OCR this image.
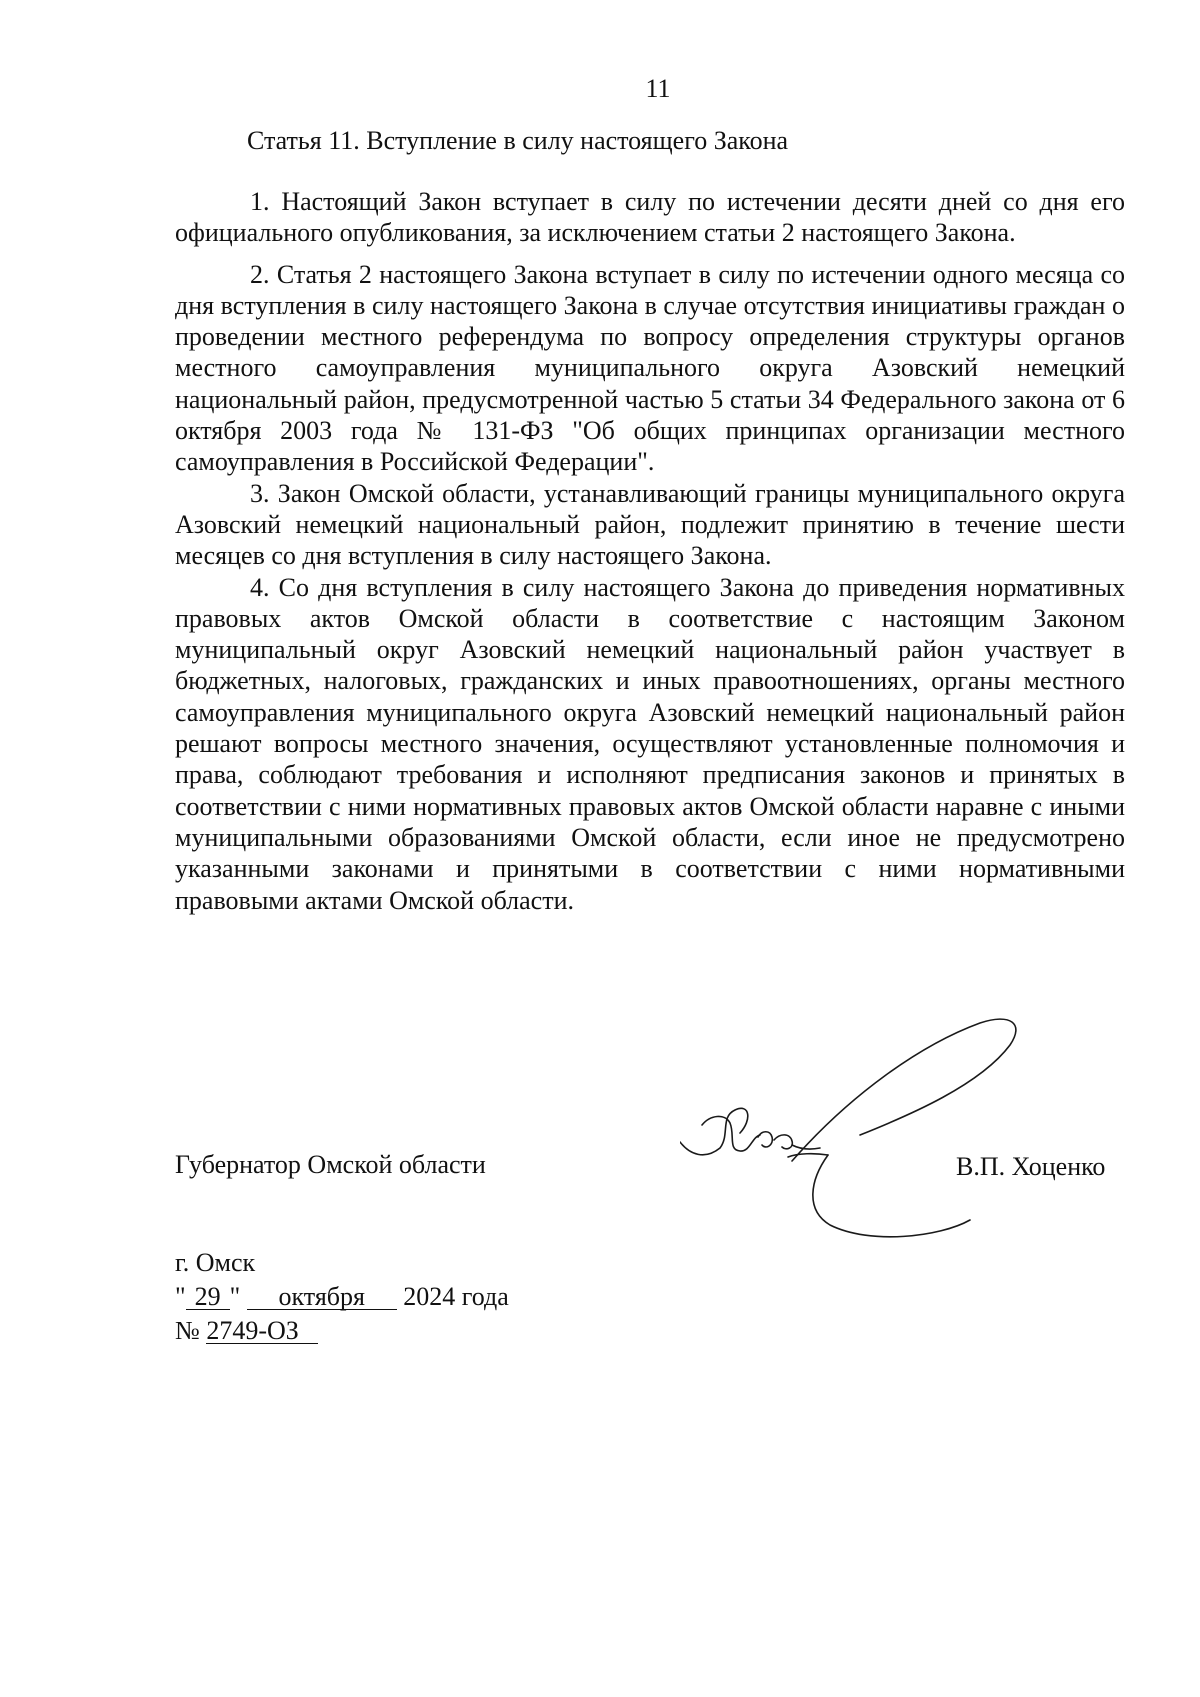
11
Статья 11. Вступление в силу настоящего Закона

1. Настоящий Закон вступает в силу по истечении десяти дней со дня его официального опубликования, за исключением статьи 2 настоящего Закона.

2. Статья 2 настоящего Закона вступает в силу по истечении одного месяца со дня вступления в силу настоящего Закона в случае отсутствия инициативы граждан о проведении местного референдума по вопросу определения структуры органов местного самоуправления муниципального округа Азовский немецкий национальный район, предусмотренной частью 5 статьи 34 Федерального закона от 6 октября 2003 года № 131-ФЗ "Об общих принципах организации местного самоуправления в Российской Федерации".

3. Закон Омской области, устанавливающий границы муниципального округа Азовский немецкий национальный район, подлежит принятию в течение шести месяцев со дня вступления в силу настоящего Закона.

4. Со дня вступления в силу настоящего Закона до приведения нормативных правовых актов Омской области в соответствие с настоящим Законом муниципальный округ Азовский немецкий национальный район участвует в бюджетных, налоговых, гражданских и иных правоотношениях, органы местного самоуправления муниципального округа Азовский немецкий национальный район решают вопросы местного значения, осуществляют установленные полномочия и права, соблюдают требования и исполняют предписания законов и принятых в соответствии с ними нормативных правовых актов Омской области наравне с иными муниципальными образованиями Омской области, если иное не предусмотрено указанными законами и принятыми в соответствии с ними нормативными правовыми актами Омской области.

Губернатор Омской области	В.П. Хоценко
г. Омск
" 29 " октября 2024 года
№ 2749-ОЗ
